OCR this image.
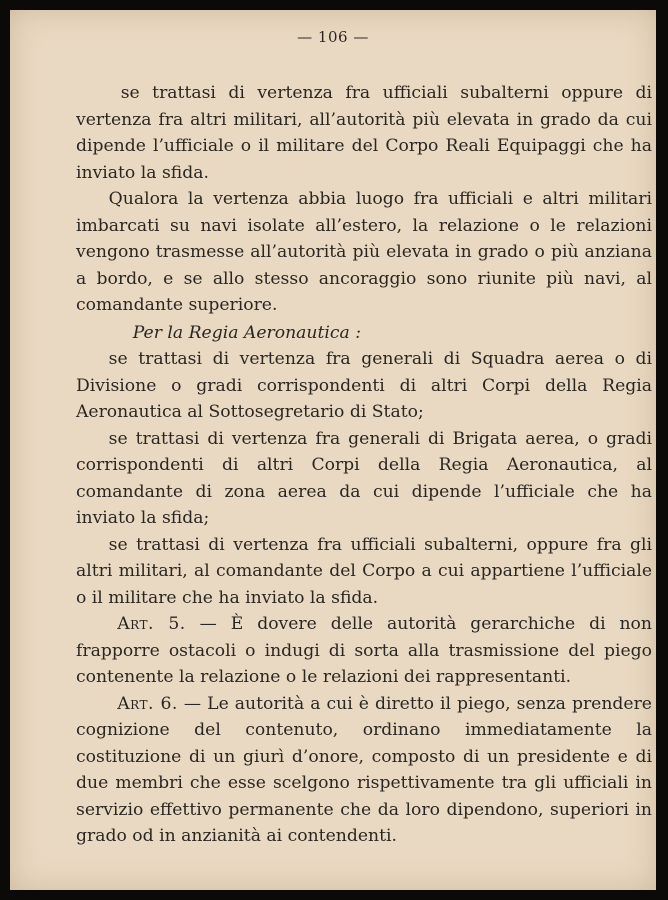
— 106 —

se trattasi di vertenza fra ufficiali subalterni oppure di vertenza fra altri militari, all’autorità più elevata in grado da cui dipende l’ufficiale o il militare del Corpo Reali Equipaggi che ha inviato la sfida.

Qualora la vertenza abbia luogo fra ufficiali e altri militari imbarcati su navi isolate all’estero, la relazione o le relazioni vengono trasmesse all’autorità più elevata in grado o più anziana a bordo, e se allo stesso ancoraggio sono riunite più navi, al comandante superiore.

Per la Regia Aeronautica :

se trattasi di vertenza fra generali di Squadra aerea o di Divisione o gradi corrispondenti di altri Corpi della Regia Aeronautica al Sottosegretario di Stato;

se trattasi di vertenza fra generali di Brigata aerea, o gradi corrispondenti di altri Corpi della Regia Aeronautica, al comandante di zona aerea da cui dipende l’ufficiale che ha inviato la sfida;

se trattasi di vertenza fra ufficiali subalterni, oppure fra gli altri militari, al comandante del Corpo a cui appartiene l’ufficiale o il militare che ha inviato la sfida.

Art. 5. — È dovere delle autorità gerarchiche di non frapporre ostacoli o indugi di sorta alla trasmissione del piego contenente la relazione o le relazioni dei rappresentanti.

Art. 6. — Le autorità a cui è diretto il piego, senza prendere cognizione del contenuto, ordinano immediatamente la costituzione di un giurì d’onore, composto di un presidente e di due membri che esse scelgono rispettivamente tra gli ufficiali in servizio effettivo permanente che da loro dipendono, superiori in grado od in anzianità ai contendenti.
